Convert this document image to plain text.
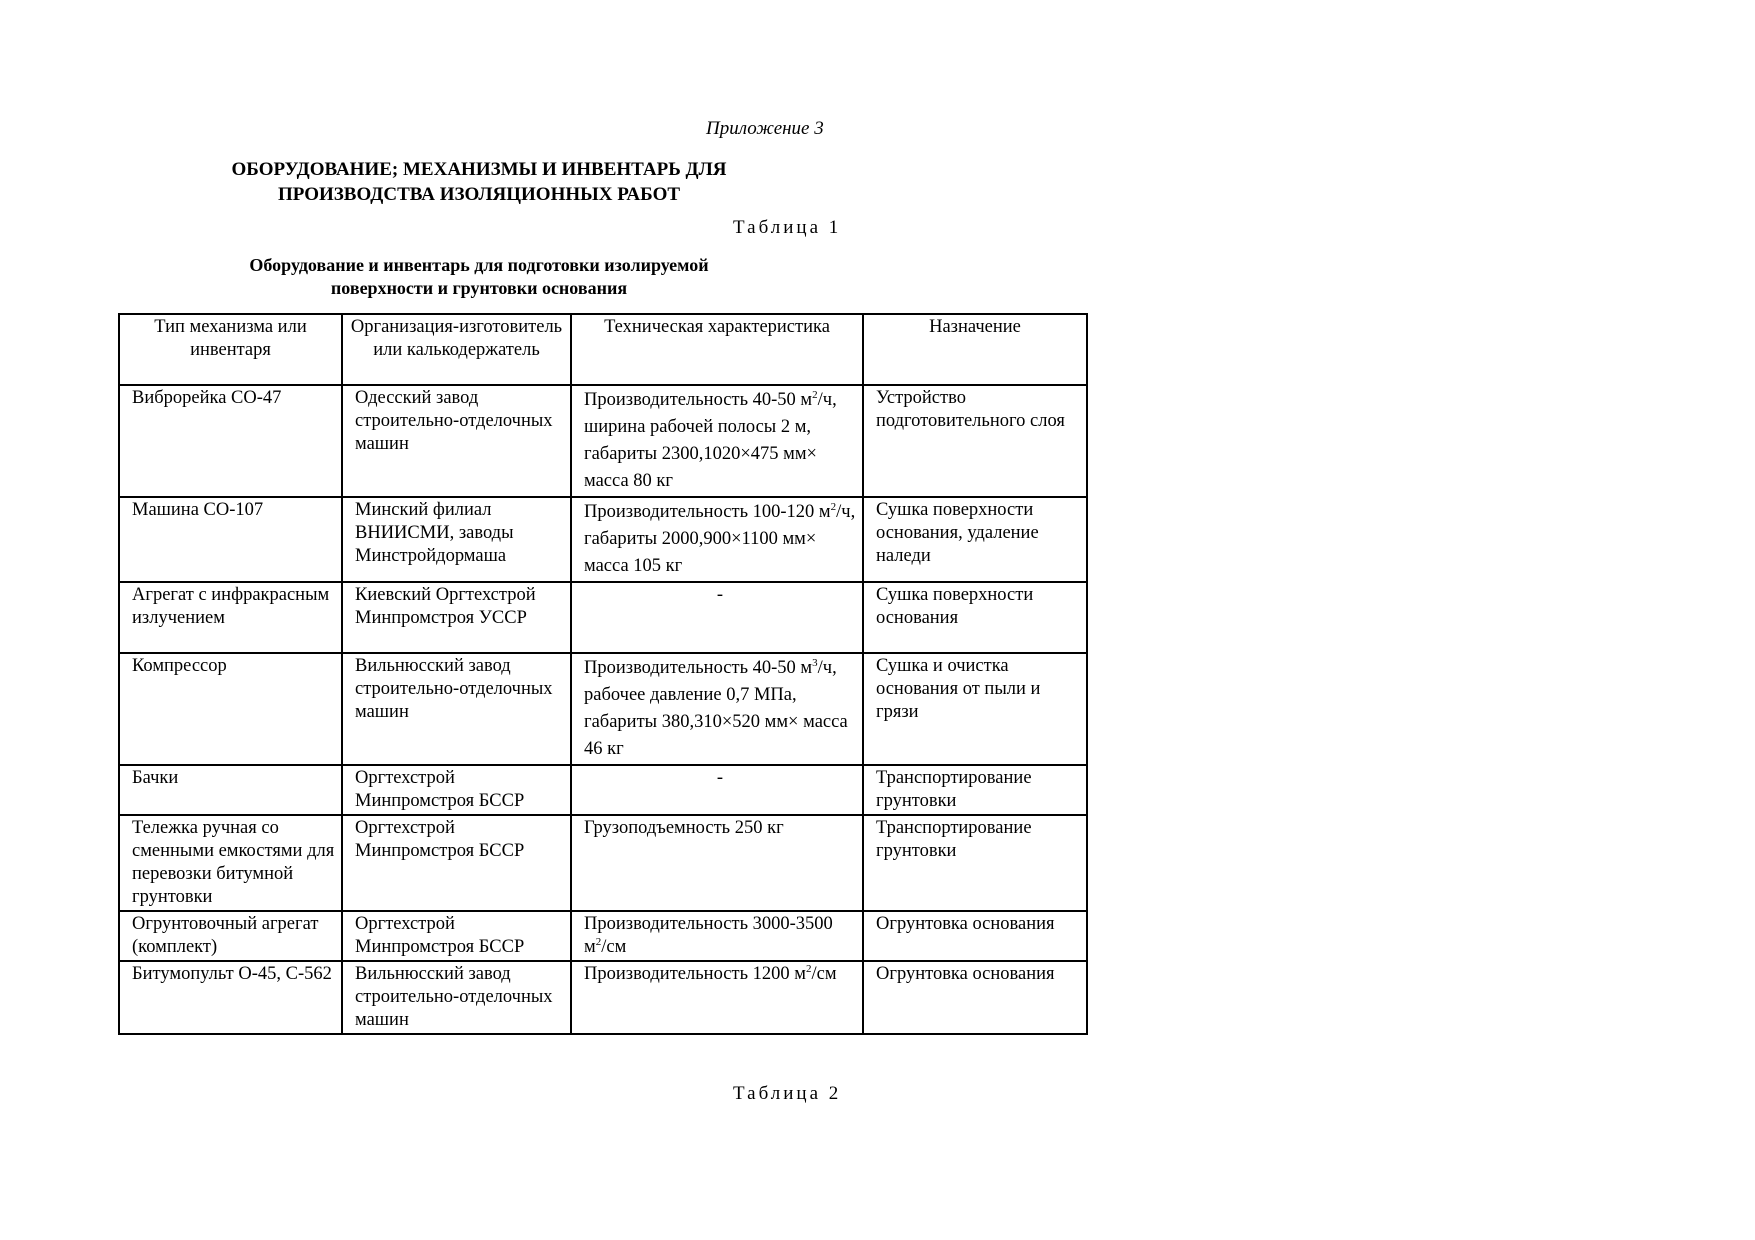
Приложение 3
ОБОРУДОВАНИЕ; МЕХАНИЗМЫ И ИНВЕНТАРЬ ДЛЯ
ПРОИЗВОДСТВА ИЗОЛЯЦИОННЫХ РАБОТ
Таблица 1
Оборудование и инвентарь для подготовки изолируемой
поверхности и грунтовки основания
Тип механизма или инвентаря	Организация-изготовитель или калькодержатель	Техническая характеристика	Назначение
Виброрейка СО-47	Одесский завод строительно-отделочных машин	Производительность 40-50 $м^2/ч$, ширина рабочей полосы 2 м, габариты 2300,1020×475 мм× масса 80 кг	Устройство подготовительного слоя
Машина СО-107	Минский филиал ВНИИСМИ, заводы Минстройдормаша	Производительность 100-120 $м^2/ч$, габариты 2000,900×1100 мм× масса 105 кг	Сушка поверхности основания, удаление наледи
Агрегат с инфракрасным излучением	Киевский Оргтехстрой Минпромстроя УССР	-	Сушка поверхности основания
Компрессор	Вильнюсский завод строительно-отделочных машин	Производительность 40-50 $м^3/ч$, рабочее давление 0,7 МПа, габариты 380,310×520 мм× масса 46 кг	Сушка и очистка основания от пыли и грязи
Бачки	Оргтехстрой Минпромстроя БССР	-	Транспортирование грунтовки
Тележка ручная со сменными емкостями для перевозки битумной грунтовки	Оргтехстрой Минпромстроя БССР	Грузоподъемность 250 кг	Транспортирование грунтовки
Огрунтовочный агрегат (комплект)	Оргтехстрой Минпромстроя БССР	Производительность 3000-3500 $м^2/см$	Огрунтовка основания
Битумопульт О-45, С-562	Вильнюсский завод строительно-отделочных машин	Производительность 1200 $м^2/см$	Огрунтовка основания
Таблица 2
